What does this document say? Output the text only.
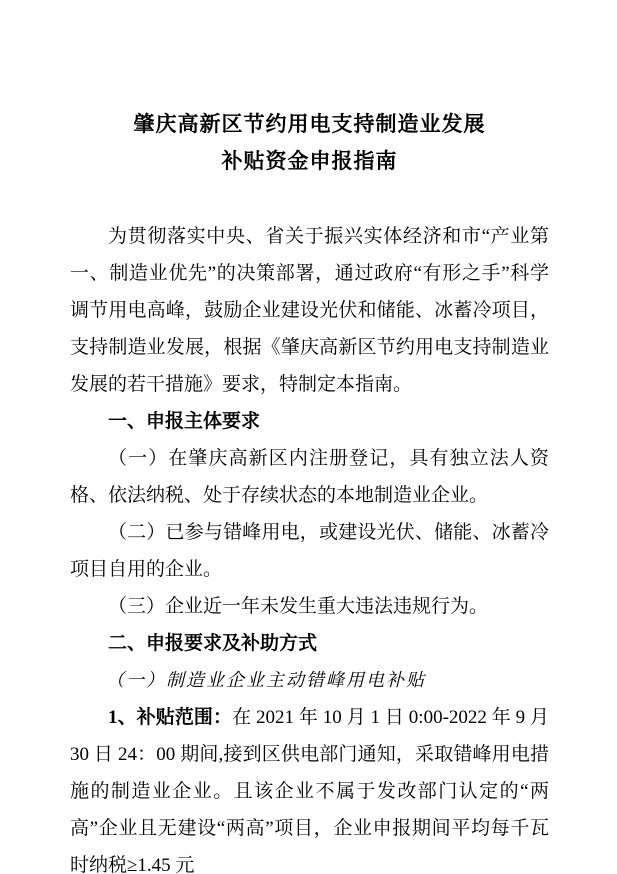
肇庆高新区节约用电支持制造业发展
补贴资金申报指南

为贯彻落实中央、省关于振兴实体经济和市“产业第一、制造业优先”的决策部署，通过政府“有形之手”科学调节用电高峰，鼓励企业建设光伏和储能、冰蓄冷项目，支持制造业发展，根据《肇庆高新区节约用电支持制造业发展的若干措施》要求，特制定本指南。

一、申报主体要求

（一）在肇庆高新区内注册登记，具有独立法人资格、依法纳税、处于存续状态的本地制造业企业。

（二）已参与错峰用电，或建设光伏、储能、冰蓄冷项目自用的企业。

（三）企业近一年未发生重大违法违规行为。

二、申报要求及补助方式

（一）制造业企业主动错峰用电补贴

1、补贴范围：在 2021 年 10 月 1 日 0:00-2022 年 9 月 30 日 24：00 期间,接到区供电部门通知，采取错峰用电措施的制造业企业。且该企业不属于发改部门认定的“两高”企业且无建设“两高”项目，企业申报期间平均每千瓦时纳税≥1.45 元
